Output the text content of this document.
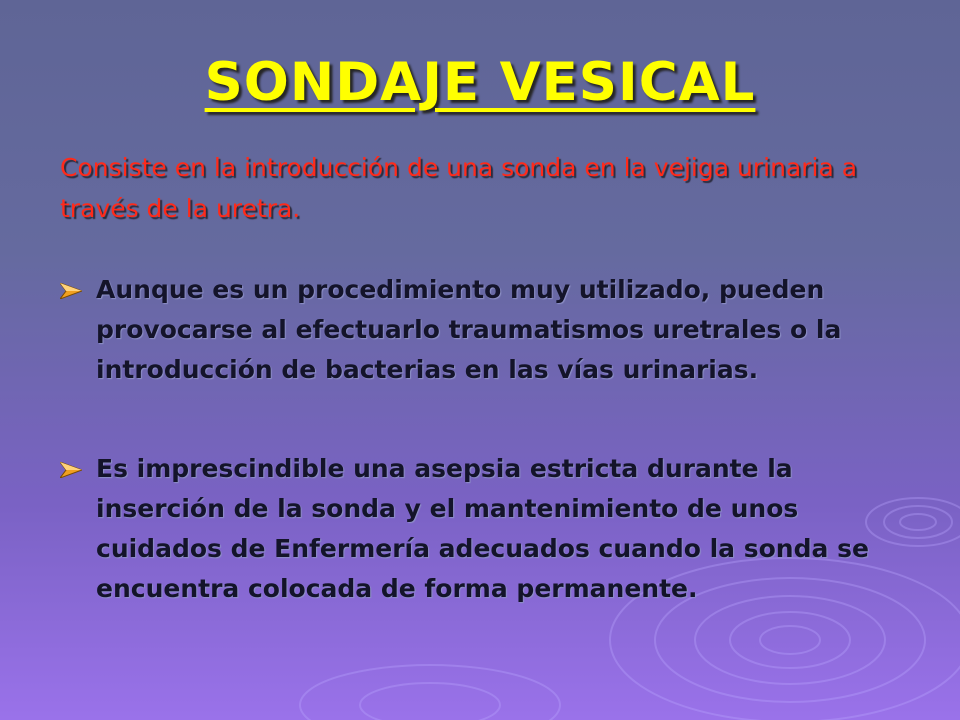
SONDAJE VESICAL
Consiste en la introducción de una sonda en la vejiga urinaria a través de la uretra.
Aunque es un procedimiento muy utilizado, pueden provocarse al efectuarlo traumatismos uretrales o la introducción de bacterias en las vías urinarias.
Es imprescindible una asepsia estricta durante la inserción de la sonda y el mantenimiento de unos cuidados de Enfermería adecuados cuando la sonda se encuentra colocada de forma permanente.
